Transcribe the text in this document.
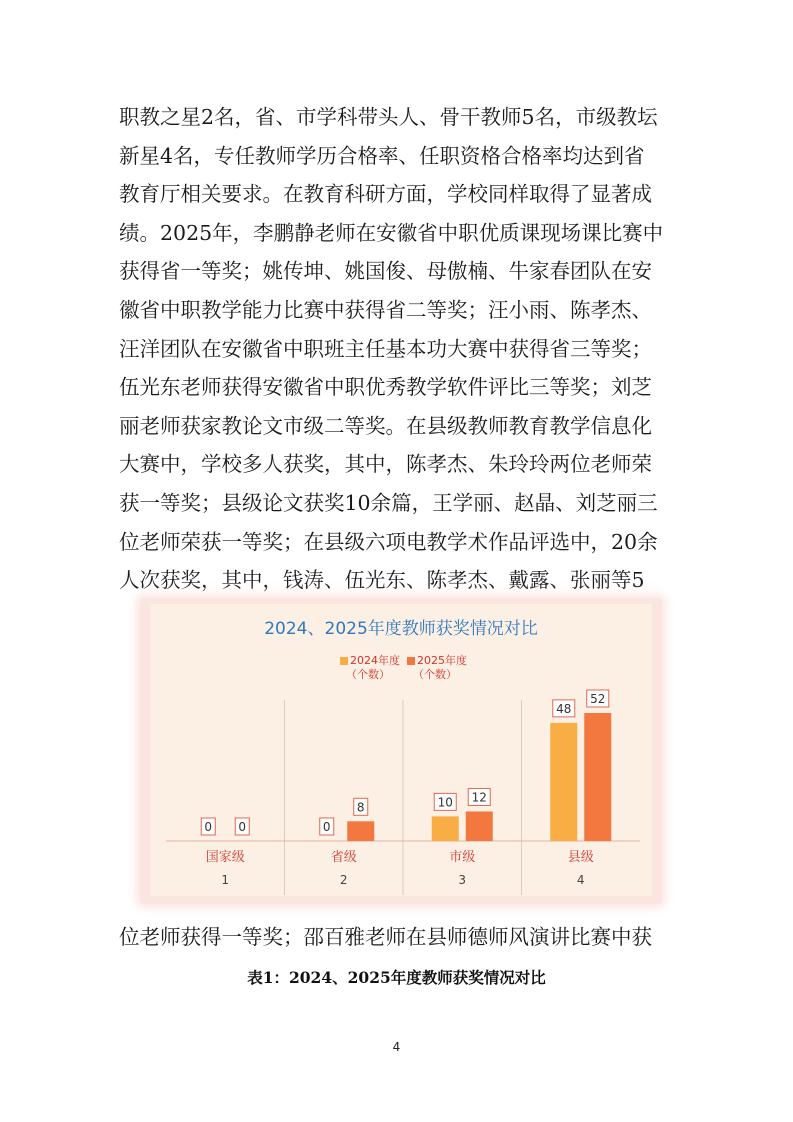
职教之星2名，省、市学科带头人、骨干教师5名，市级教坛
新星4名，专任教师学历合格率、任职资格合格率均达到省
教育厅相关要求。在教育科研方面，学校同样取得了显著成
绩。2025年，李鹏静老师在安徽省中职优质课现场课比赛中
获得省一等奖；姚传坤、姚国俊、母傲楠、牛家春团队在安
徽省中职教学能力比赛中获得省二等奖；汪小雨、陈孝杰、
汪洋团队在安徽省中职班主任基本功大赛中获得省三等奖；
伍光东老师获得安徽省中职优秀教学软件评比三等奖；刘芝
丽老师获家教论文市级二等奖。在县级教师教育教学信息化
大赛中，学校多人获奖，其中，陈孝杰、朱玲玲两位老师荣
获一等奖；县级论文获奖10余篇，王学丽、赵晶、刘芝丽三
位老师荣获一等奖；在县级六项电教学术作品评选中，20余
人次获奖，其中，钱涛、伍光东、陈孝杰、戴露、张丽等5
2024、2025年度教师获奖情况对比
2024年度
（个数）
2025年度
（个数）
0 0
国家级
1
0
8
省级
2
10 12
市级
3
48
52
县级
4
位老师获得一等奖；邵百雅老师在县师德师风演讲比赛中获
表1：2024、2025年度教师获奖情况对比
4
